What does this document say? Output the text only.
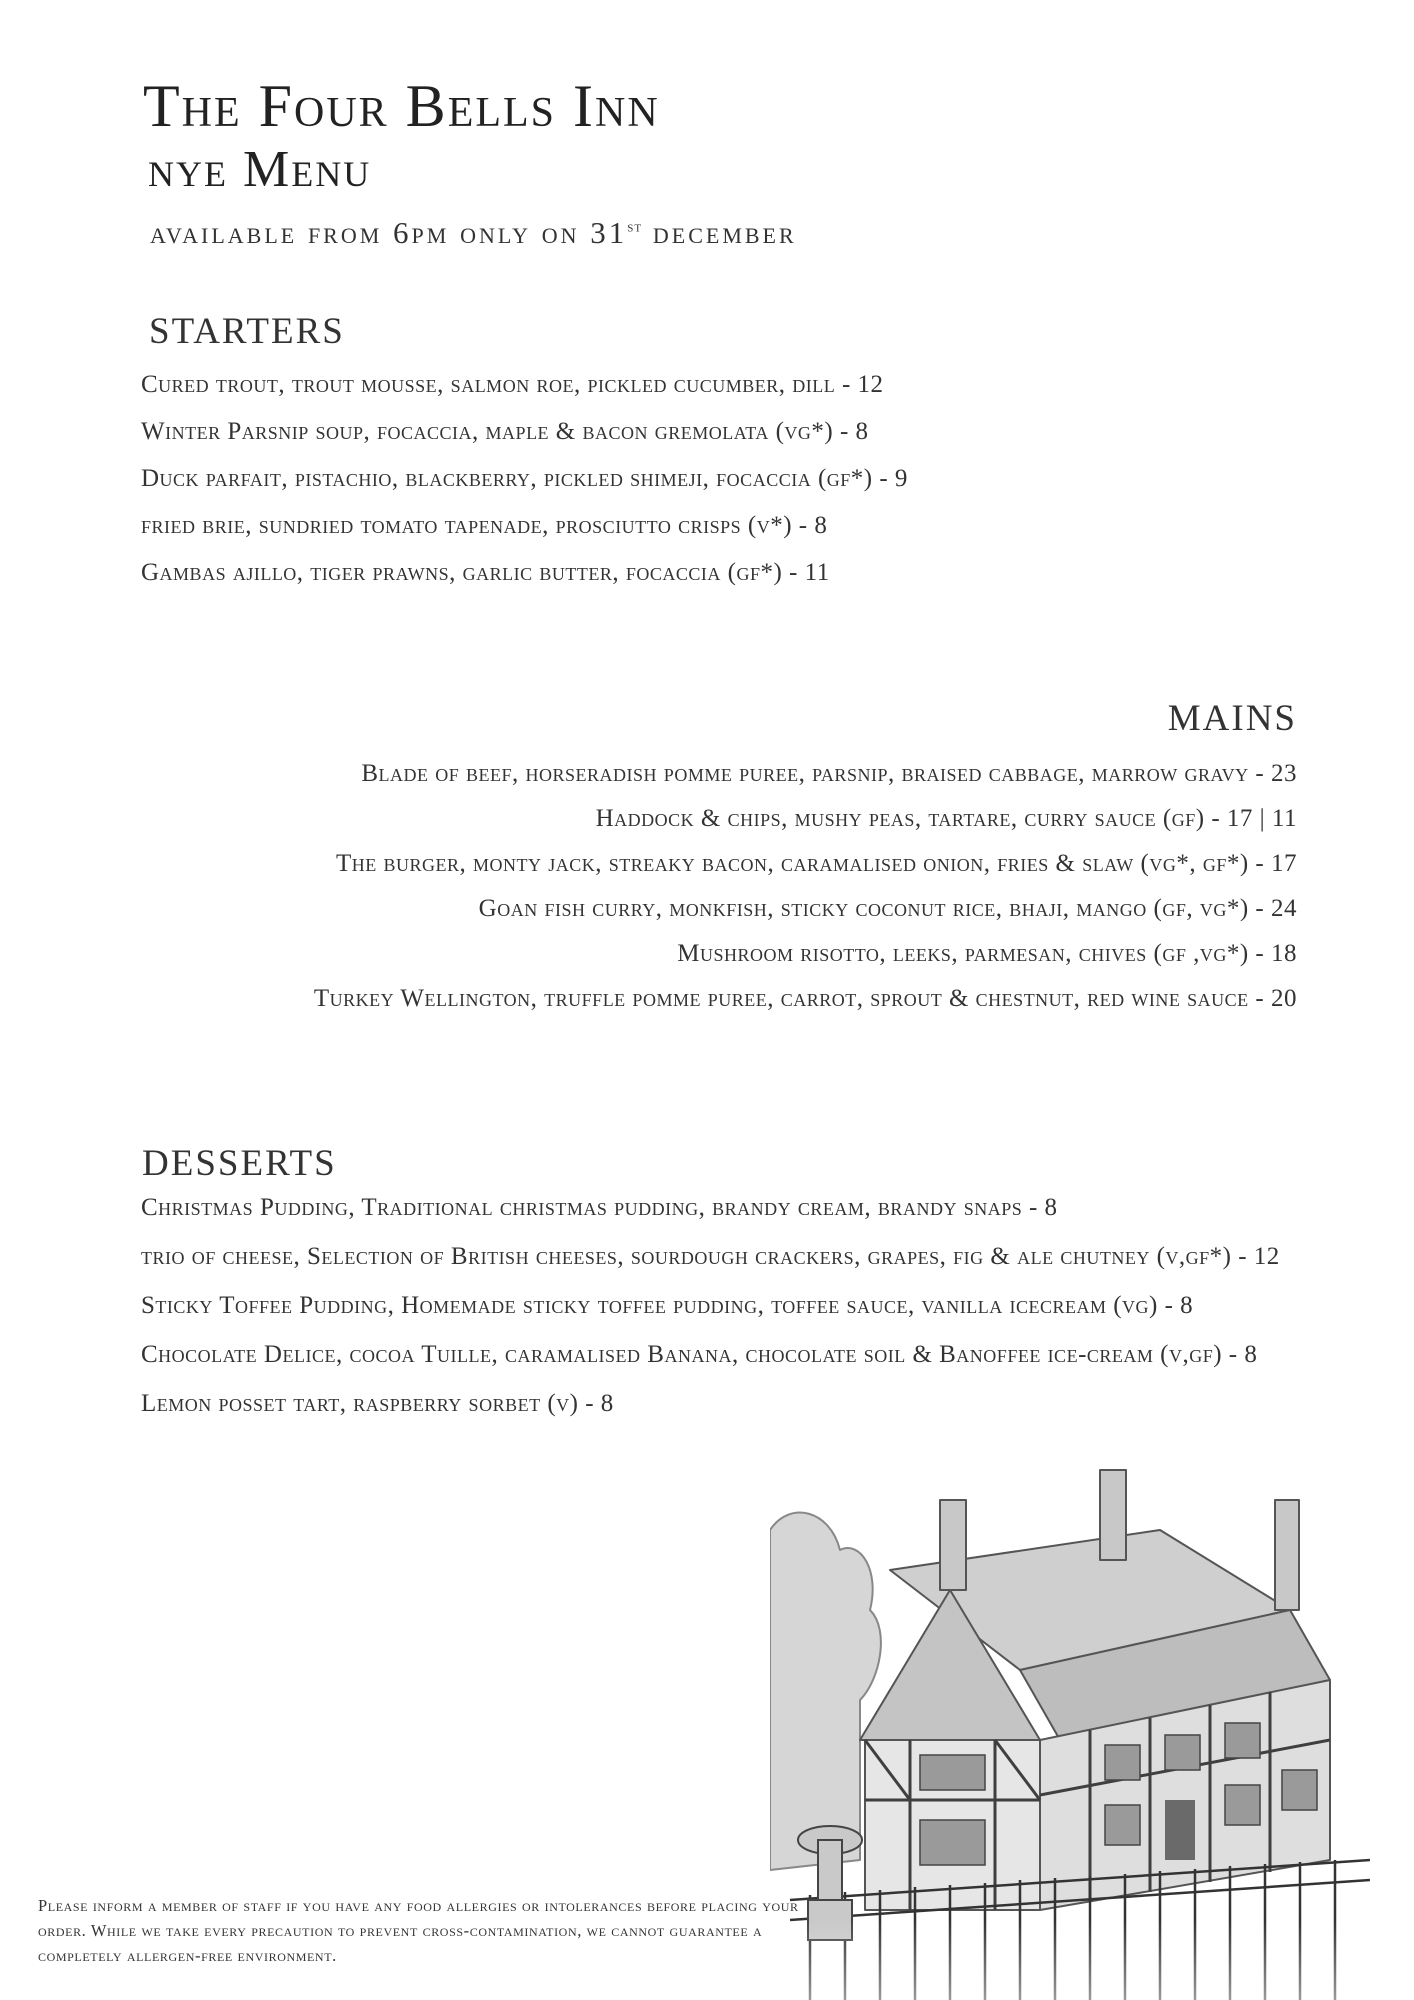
The Four Bells Inn
nye Menu
available from 6pm only on 31st december
STARTERS
Cured trout, trout mousse, salmon roe, pickled cucumber, dill - 12
Winter Parsnip soup, focaccia, maple & bacon gremolata (vg*) - 8
Duck parfait, pistachio, blackberry, pickled shimeji, focaccia (gf*) - 9
fried brie, sundried tomato tapenade, prosciutto crisps (v*) - 8
Gambas ajillo, tiger prawns, garlic butter, focaccia (gf*) - 11
MAINS
Blade of beef, horseradish pomme puree, parsnip, braised cabbage, marrow gravy - 23
Haddock & chips, mushy peas, tartare, curry sauce (gf) - 17 | 11
The burger, monty jack, streaky bacon, caramalised onion, fries & slaw (vg*, gf*) - 17
Goan fish curry, monkfish, sticky coconut rice, bhaji, mango (gf, vg*) - 24
Mushroom risotto, leeks, parmesan, chives (gf ,vg*) - 18
Turkey Wellington, truffle pomme puree, carrot, sprout & chestnut, red wine sauce - 20
DESSERTS
Christmas Pudding, Traditional christmas pudding, brandy cream, brandy snaps - 8
trio of cheese, Selection of British cheeses, sourdough crackers, grapes, fig & ale chutney (v,gf*) - 12
Sticky Toffee Pudding, Homemade sticky toffee pudding, toffee sauce, vanilla icecream (vg) - 8
Chocolate Delice, cocoa Tuille, caramalised Banana, chocolate soil & Banoffee ice-cream (v,gf) - 8
Lemon posset tart, raspberry sorbet (v) - 8
Please inform a member of staff if you have any food allergies or intolerances before placing your order. While we take every precaution to prevent cross-contamination, we cannot guarantee a completely allergen-free environment.
